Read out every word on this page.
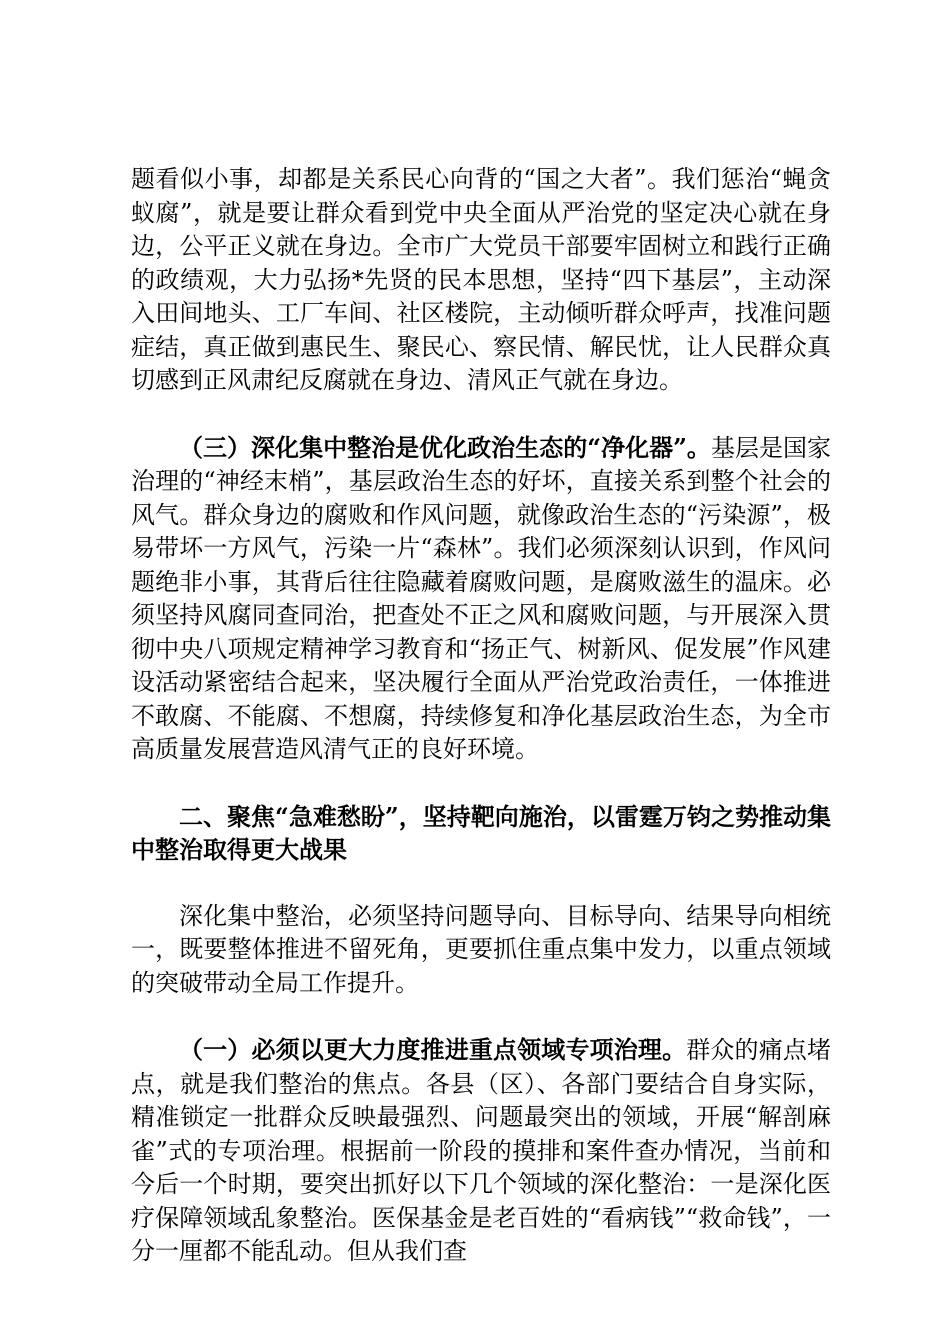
题看似小事，却都是关系民心向背的“国之大者”。我们惩治“蝇贪蚁腐”，就是要让群众看到党中央全面从严治党的坚定决心就在身边，公平正义就在身边。全市广大党员干部要牢固树立和践行正确的政绩观，大力弘扬*先贤的民本思想，坚持“四下基层”，主动深入田间地头、工厂车间、社区楼院，主动倾听群众呼声，找准问题症结，真正做到惠民生、聚民心、察民情、解民忧，让人民群众真切感到正风肃纪反腐就在身边、清风正气就在身边。

（三）深化集中整治是优化政治生态的“净化器”。基层是国家治理的“神经末梢”，基层政治生态的好坏，直接关系到整个社会的风气。群众身边的腐败和作风问题，就像政治生态的“污染源”，极易带坏一方风气，污染一片“森林”。我们必须深刻认识到，作风问题绝非小事，其背后往往隐藏着腐败问题，是腐败滋生的温床。必须坚持风腐同查同治，把查处不正之风和腐败问题，与开展深入贯彻中央八项规定精神学习教育和“扬正气、树新风、促发展”作风建设活动紧密结合起来，坚决履行全面从严治党政治责任，一体推进不敢腐、不能腐、不想腐，持续修复和净化基层政治生态，为全市高质量发展营造风清气正的良好环境。

二、聚焦“急难愁盼”，坚持靶向施治，以雷霆万钧之势推动集中整治取得更大战果

深化集中整治，必须坚持问题导向、目标导向、结果导向相统一，既要整体推进不留死角，更要抓住重点集中发力，以重点领域的突破带动全局工作提升。

（一）必须以更大力度推进重点领域专项治理。群众的痛点堵点，就是我们整治的焦点。各县（区）、各部门要结合自身实际，精准锁定一批群众反映最强烈、问题最突出的领域，开展“解剖麻雀”式的专项治理。根据前一阶段的摸排和案件查办情况，当前和今后一个时期，要突出抓好以下几个领域的深化整治：一是深化医疗保障领域乱象整治。医保基金是老百姓的“看病钱”“救命钱”，一分一厘都不能乱动。但从我们查
